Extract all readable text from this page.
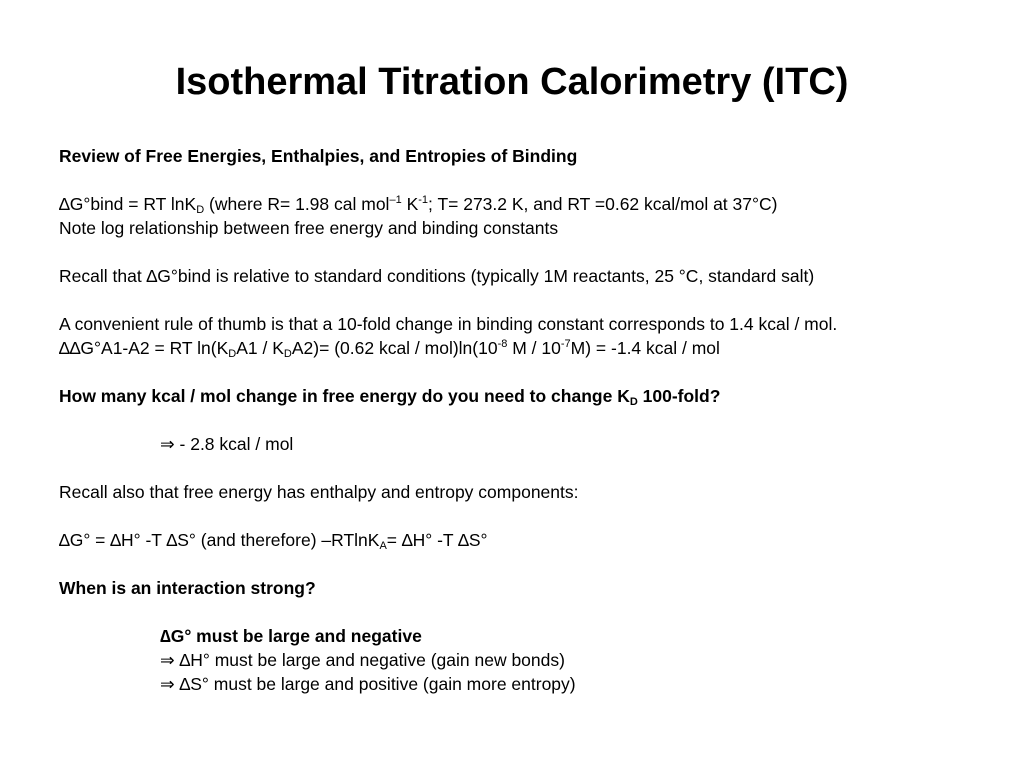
Isothermal Titration Calorimetry (ITC)
Review of Free Energies, Enthalpies, and Entropies of Binding
∆G°bind = RT lnK$_D$ (where R= 1.98 cal mol$^{-1}$ $K^{-1}$; T= 273.2 K, and RT =0.62 kcal/mol at 37°C)
Note log relationship between free energy and binding constants
Recall that ∆G°bind is relative to standard conditions (typically 1M reactants, 25 °C, standard salt)
A convenient rule of thumb is that a 10-fold change in binding constant corresponds to 1.4 kcal / mol.
∆∆G°A1-A2 = RT $\ln(K_DA1 / K_DA2)= (0.62$ kcal / $mol)\ln(10^{-8}$ $M / 10^{-7}M) = -1.4$ kcal / mol
How many kcal / mol change in free energy do you need to change $K_D$ 100-fold?
⇒ - 2.8 kcal / mol
Recall also that free energy has enthalpy and entropy components:
∆G° = ∆H° -T ∆S° (and therefore) –RTlnK$_A$= ∆H° -T ∆S°
When is an interaction strong?
∆G° must be large and negative
⇒ ∆H° must be large and negative (gain new bonds)
⇒ ∆S° must be large and positive (gain more entropy)
